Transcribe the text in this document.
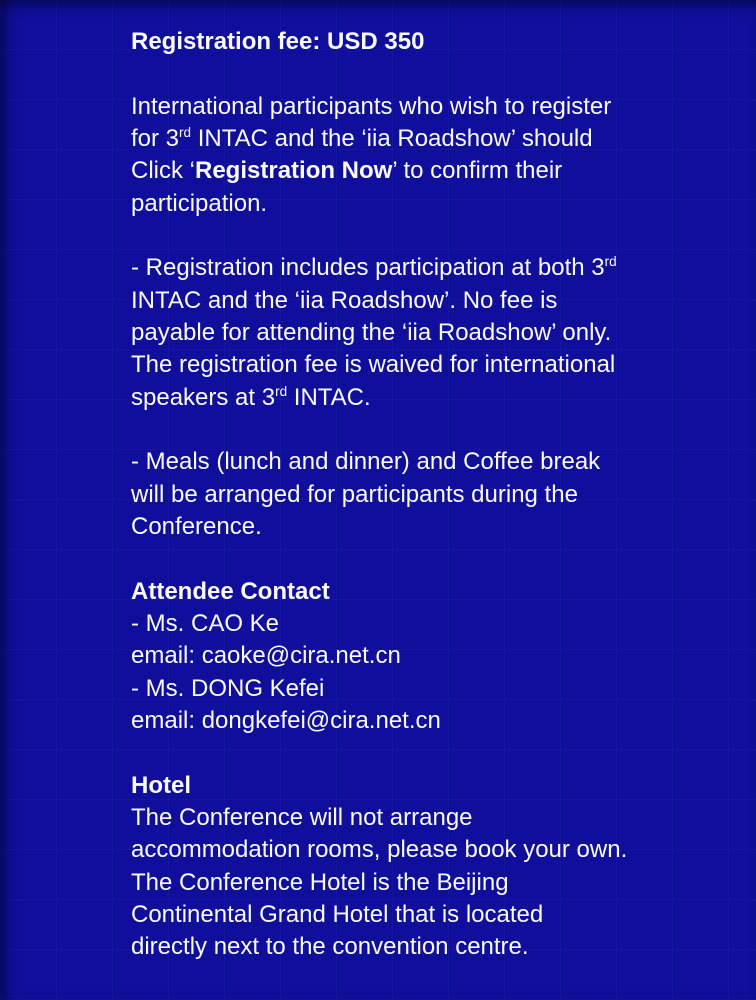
Registration fee: USD 350
International participants who wish to register
for 3rd INTAC and the ‘iia Roadshow’ should
Click ‘Registration Now’ to confirm their
participation.
- Registration includes participation at both 3rd
INTAC and the ‘iia Roadshow’. No fee is
payable for attending the ‘iia Roadshow’ only.
The registration fee is waived for international
speakers at 3rd INTAC.
- Meals (lunch and dinner) and Coffee break
will be arranged for participants during the
Conference.
Attendee Contact
- Ms. CAO Ke
email: caoke@cira.net.cn
- Ms. DONG Kefei
email: dongkefei@cira.net.cn
Hotel
The Conference will not arrange
accommodation rooms, please book your own.
The Conference Hotel is the Beijing
Continental Grand Hotel that is located
directly next to the convention centre.
